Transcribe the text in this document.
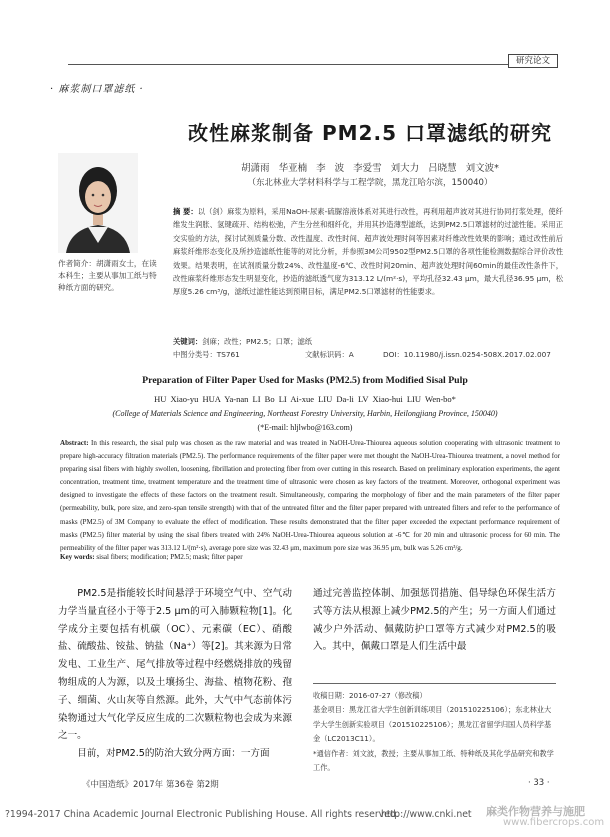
研究论文
· 麻浆制口罩滤纸 ·
作者简介：胡潇雨女士，在读本科生；主要从事加工纸与特种纸方面的研究。
改性麻浆制备 PM2.5 口罩滤纸的研究
胡潇雨 华亚楠 李 波 李爱雪 刘大力 吕晓慧 刘文波*
（东北林业大学材料科学与工程学院，黑龙江哈尔滨，150040）
摘 要：以（剑）麻浆为原料，采用NaOH-尿素-硫脲溶液体系对其进行改性，再利用超声波对其进行协同打浆处理，使纤维发生润胀、氢键疏开、结构松弛，产生分丝和细纤化，并用其抄造薄型滤纸，达到PM2.5口罩滤材的过滤性能。采用正交实验的方法，探讨试剂质量分数、改性温度、改性时间、超声波处理时间等因素对纤维改性效果的影响；通过改性前后麻浆纤维形态变化及所抄造滤纸性能等的对比分析，并参照3M公司9502型PM2.5口罩的各项性能检测数据综合评价改性效果。结果表明，在试剂质量分数24%、改性温度-6℃、改性时间20min、超声波处理时间60min的最佳改性条件下，改性麻浆纤维形态发生明显变化，抄造的滤纸透气度为313.12 L/(m²·s)，平均孔径32.43 μm，最大孔径36.95 μm，松厚度5.26 cm³/g，滤纸过滤性能达到预期目标，满足PM2.5口罩滤材的性能要求。
关键词：剑麻；改性；PM2.5；口罩；滤纸
中图分类号：TS761	文献标识码：A	DOI：10.11980/j.issn.0254-508X.2017.02.007
Preparation of Filter Paper Used for Masks (PM2.5) from Modified Sisal Pulp
HU Xiao-yu HUA Ya-nan LI Bo LI Ai-xue LIU Da-li LV Xiao-hui LIU Wen-bo*
(College of Materials Science and Engineering, Northeast Forestry University, Harbin, Heilongjiang Province, 150040)
(*E-mail: hljlwbo@163.com)
Abstract: In this research, the sisal pulp was chosen as the raw material and was treated in NaOH-Urea-Thiourea aqueous solution cooperating with ultrasonic treatment to prepare high-accuracy filtration materials (PM2.5). The performance requirements of the filter paper were met thought the NaOH-Urea-Thiourea treatment, a novel method for preparing sisal fibers with highly swollen, loosening, fibrillation and protecting fiber from over cutting in this research. Based on preliminary exploration experiments, the agent concentration, treatment time, treatment temperature and the treatment time of ultrasonic were chosen as key factors of the treatment. Moreover, orthogonal experiment was designed to investigate the effects of these factors on the treatment result. Simultaneously, comparing the morphology of fiber and the main parameters of the filter paper (permeability, bulk, pore size, and zero-span tensile strength) with that of the untreated filter and the filter paper prepared with untreated filters and refer to the performance of masks (PM2.5) of 3M Company to evaluate the effect of modification. These results demonstrated that the filter paper exceeded the expectant performance requirement of masks (PM2.5) filter material by using the sisal fibers treated with 24% NaOH-Urea-Thiourea aqueous solution at -6℃ for 20 min and ultrasonic process for 60 min. The permeability of the filter paper was 313.12 L/(m²·s), average pore size was 32.43 μm, maximum pore size was 36.95 μm, bulk was 5.26 cm³/g.
Key words: sisal fibers; modification; PM2.5; mask; filter paper

PM2.5是指能较长时间悬浮于环境空气中、空气动力学当量直径小于等于2.5 μm的可入肺颗粒物[1]。化学成分主要包括有机碳（OC）、元素碳（EC）、硝酸盐、硫酸盐、铵盐、钠盐（Na⁺）等[2]。其来源为日常发电、工业生产、尾气排放等过程中经燃烧排放的残留物组成的人为源，以及土壤扬尘、海盐、植物花粉、孢子、细菌、火山灰等自然源。此外，大气中气态前体污染物通过大气化学反应生成的二次颗粒物也会成为来源之一。

目前，对PM2.5的防治大致分两方面：一方面

通过完善监控体制、加强惩罚措施、倡导绿色环保生活方式等方法从根源上减少PM2.5的产生；另一方面人们通过减少户外活动、佩戴防护口罩等方式减少对PM2.5的吸入。其中，佩戴口罩是人们生活中最
收稿日期：2016-07-27（修改稿）
基金项目：黑龙江省大学生创新训练项目（201510225106）；东北林业大学大学生创新实验项目（201510225106）；黑龙江省留学归国人员科学基金（LC2013C11）。
*通信作者：刘文波，教授；主要从事加工纸、特种纸及其化学品研究和教学工作。
《中国造纸》2017年 第36卷 第2期	· 33 ·
?1994-2017 China Academic Journal Electronic Publishing House. All rights reserved.
http://www.cnki.net 麻类作物营养与施肥
www.fibercrops.com
